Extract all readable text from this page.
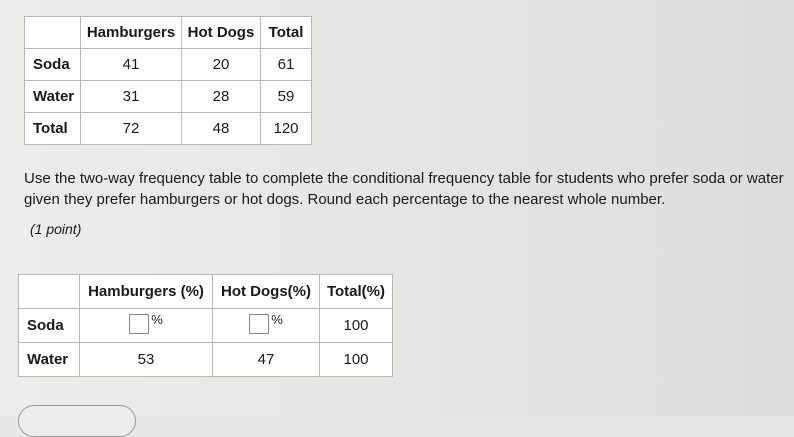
	Hamburgers	Hot Dogs	Total
Soda	41	20	61
Water	31	28	59
Total	72	48	120
Use the two-way frequency table to complete the conditional frequency table for students who prefer soda or water given they prefer hamburgers or hot dogs. Round each percentage to the nearest whole number.
(1 point)
	Hamburgers (%)	Hot Dogs(%)	Total(%)
Soda	%	%	100
Water	53	47	100
